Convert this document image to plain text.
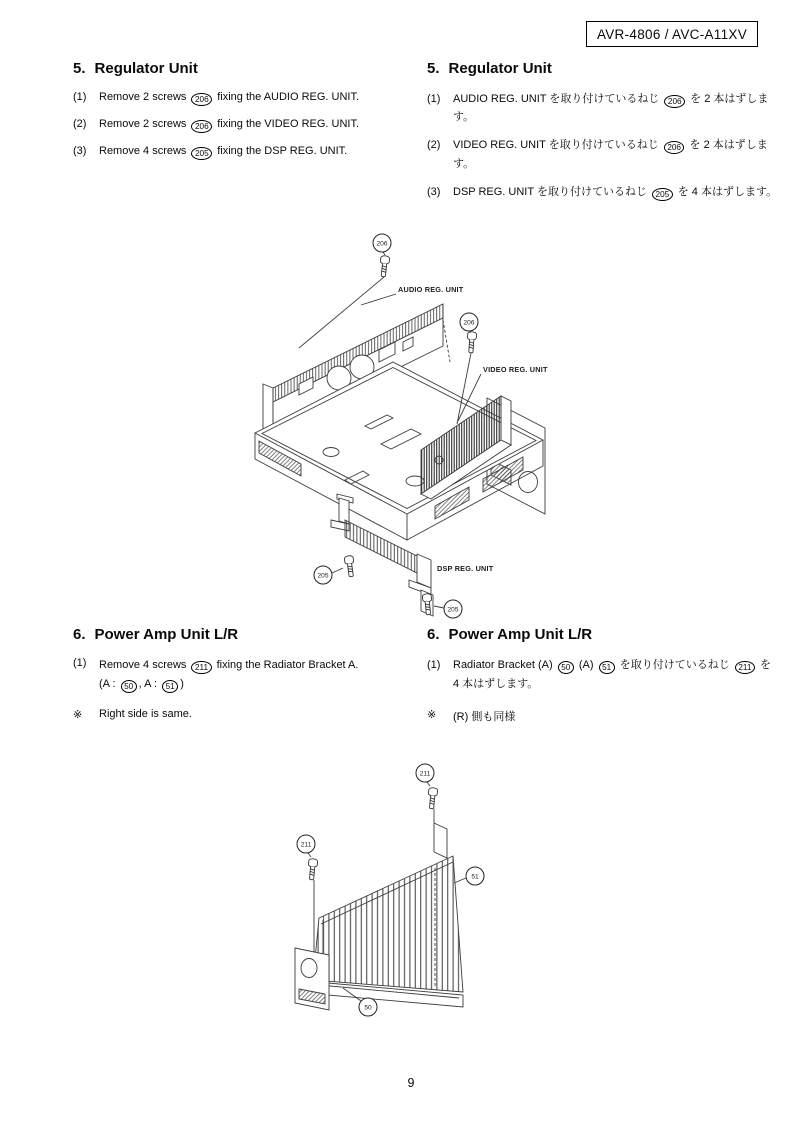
AVR-4806 / AVC-A11XV
5. Regulator Unit
(1)	Remove 2 screws 206 fixing the AUDIO REG. UNIT.
(2)	Remove 2 screws 206 fixing the VIDEO REG. UNIT.
(3)	Remove 4 screws 205 fixing the DSP REG. UNIT.
5. Regulator Unit
(1)	AUDIO REG. UNIT を取り付けているねじ 206 を 2 本はずします。
(2)	VIDEO REG. UNIT を取り付けているねじ 206 を 2 本はずします。
(3)	DSP REG. UNIT を取り付けているねじ 205 を 4 本はずします。
206
206
205
205
AUDIO REG. UNIT
VIDEO REG. UNIT
DSP REG. UNIT
6. Power Amp Unit L/R
(1)	Remove 4 screws 211 fixing the Radiator Bracket A.
(A : 50 , A : 51 )
※	Right side is same.
6. Power Amp Unit L/R
(1)	Radiator Bracket (A) 50 (A) 51 を取り付けているねじ 211 を 4 本はずします。
※	(R) 側も同様
211
211
51
50
9
